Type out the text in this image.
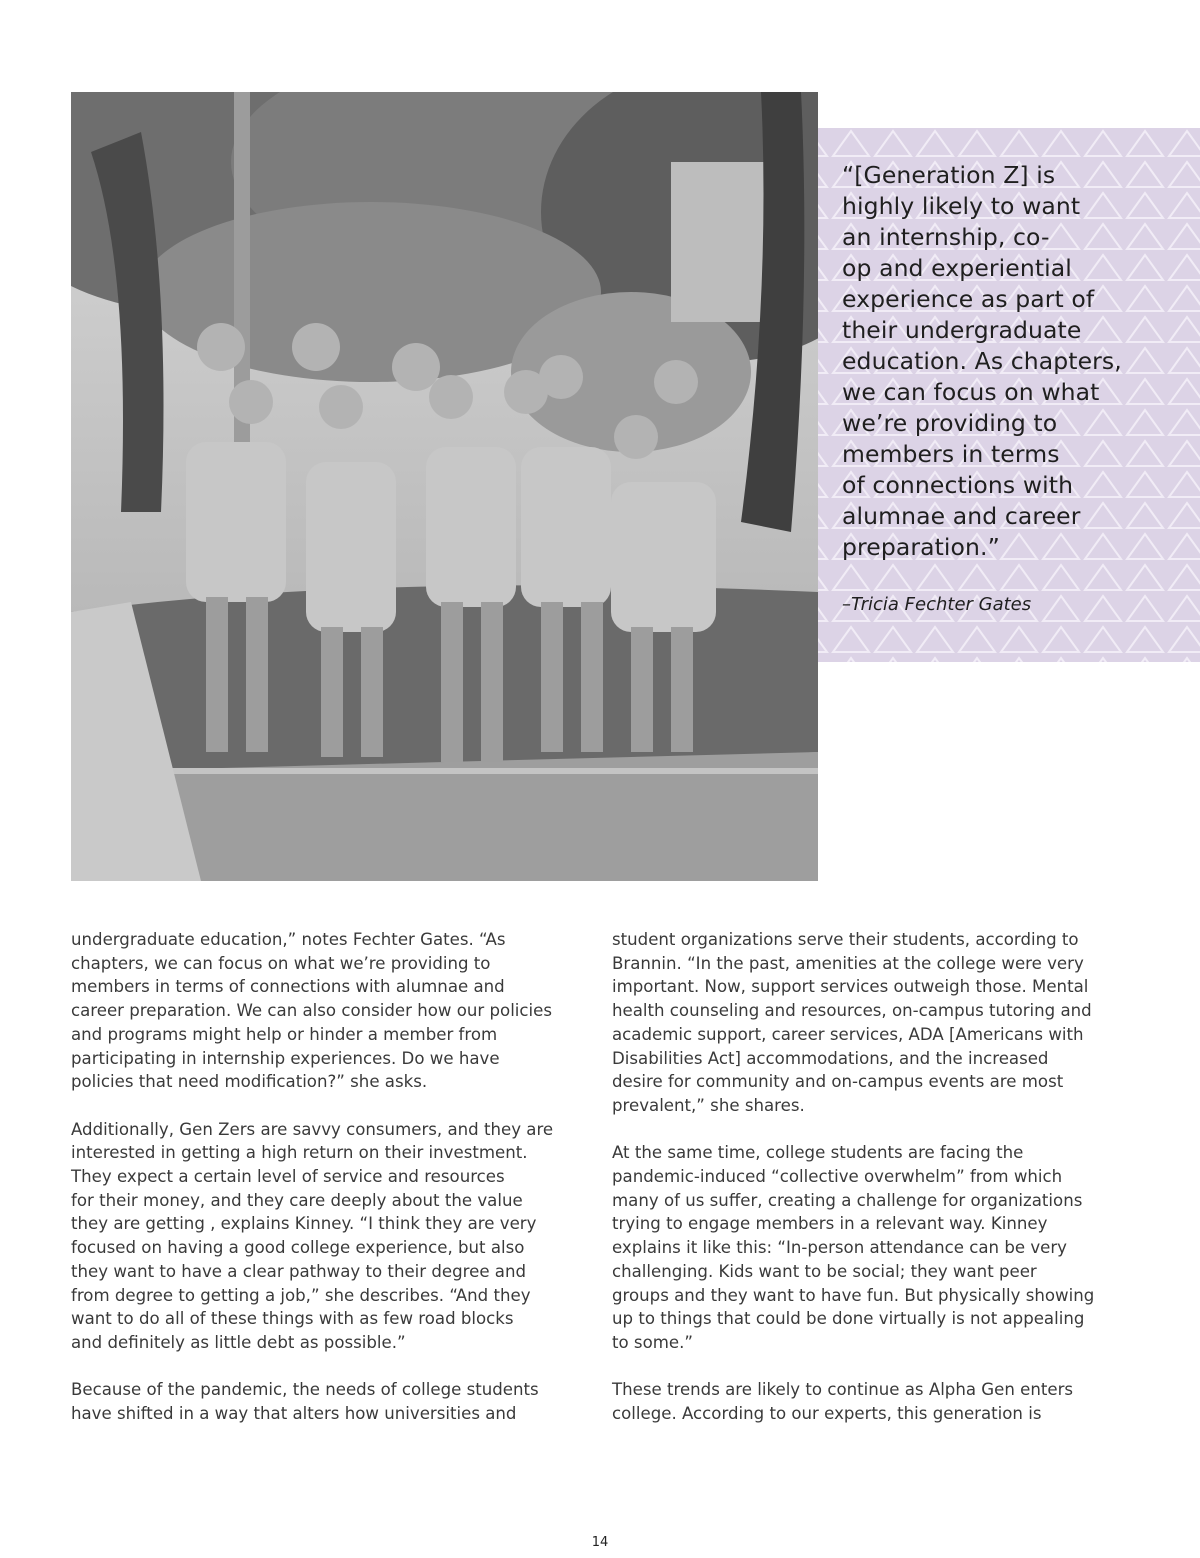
“[Generation Z] is
highly likely to want
an internship, co-
op and experiential
experience as part of
their undergraduate
education. As chapters,
we can focus on what
we’re providing to
members in terms
of connections with
alumnae and career
preparation.”
–Tricia Fechter Gates

undergraduate education,” notes Fechter Gates. “As
chapters, we can focus on what we’re providing to
members in terms of connections with alumnae and
career preparation. We can also consider how our policies
and programs might help or hinder a member from
participating in internship experiences. Do we have
policies that need modification?” she asks.

Additionally, Gen Zers are savvy consumers, and they are
interested in getting a high return on their investment.
They expect a certain level of service and resources
for their money, and they care deeply about the value
they are getting , explains Kinney. “I think they are very
focused on having a good college experience, but also
they want to have a clear pathway to their degree and
from degree to getting a job,” she describes. “And they
want to do all of these things with as few road blocks
and definitely as little debt as possible.”

Because of the pandemic, the needs of college students
have shifted in a way that alters how universities and

student organizations serve their students, according to
Brannin. “In the past, amenities at the college were very
important. Now, support services outweigh those. Mental
health counseling and resources, on-campus tutoring and
academic support, career services, ADA [Americans with
Disabilities Act] accommodations, and the increased
desire for community and on-campus events are most
prevalent,” she shares.

At the same time, college students are facing the
pandemic-induced “collective overwhelm” from which
many of us suffer, creating a challenge for organizations
trying to engage members in a relevant way. Kinney
explains it like this: “In-person attendance can be very
challenging. Kids want to be social; they want peer
groups and they want to have fun. But physically showing
up to things that could be done virtually is not appealing
to some.”

These trends are likely to continue as Alpha Gen enters
college. According to our experts, this generation is

14
